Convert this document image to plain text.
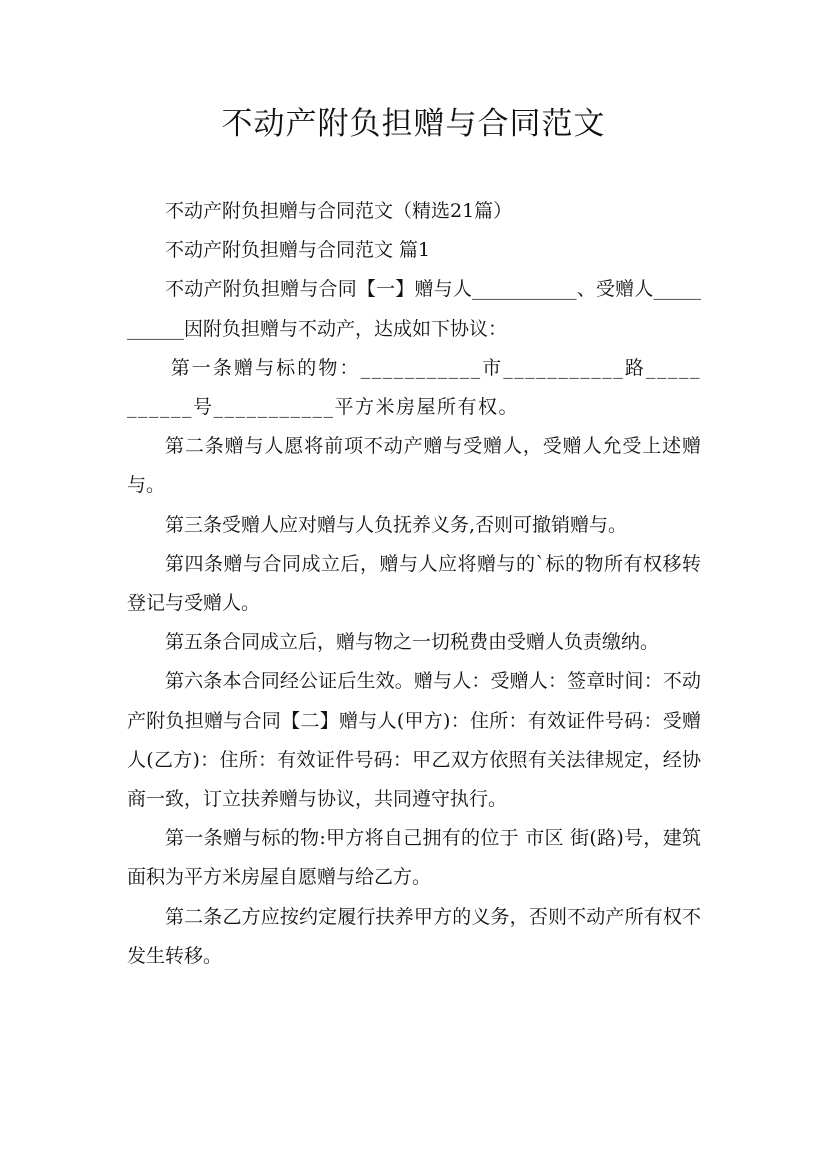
不动产附负担赠与合同范文

不动产附负担赠与合同范文（精选21篇）

不动产附负担赠与合同范文 篇1

不动产附负担赠与合同【一】赠与人___________、受赠人___________因附负担赠与不动产，达成如下协议：

第一条赠与标的物：___________市___________路___________号___________平方米房屋所有权。

第二条赠与人愿将前项不动产赠与受赠人，受赠人允受上述赠与。

第三条受赠人应对赠与人负抚养义务,否则可撤销赠与。

第四条赠与合同成立后，赠与人应将赠与的`标的物所有权移转登记与受赠人。

第五条合同成立后，赠与物之一切税费由受赠人负责缴纳。

第六条本合同经公证后生效。赠与人：受赠人：签章时间：不动产附负担赠与合同【二】赠与人(甲方)：住所：有效证件号码：受赠人(乙方)：住所：有效证件号码：甲乙双方依照有关法律规定，经协商一致，订立扶养赠与协议，共同遵守执行。

第一条赠与标的物:甲方将自己拥有的位于 市区 街(路)号，建筑面积为平方米房屋自愿赠与给乙方。

第二条乙方应按约定履行扶养甲方的义务，否则不动产所有权不发生转移。
